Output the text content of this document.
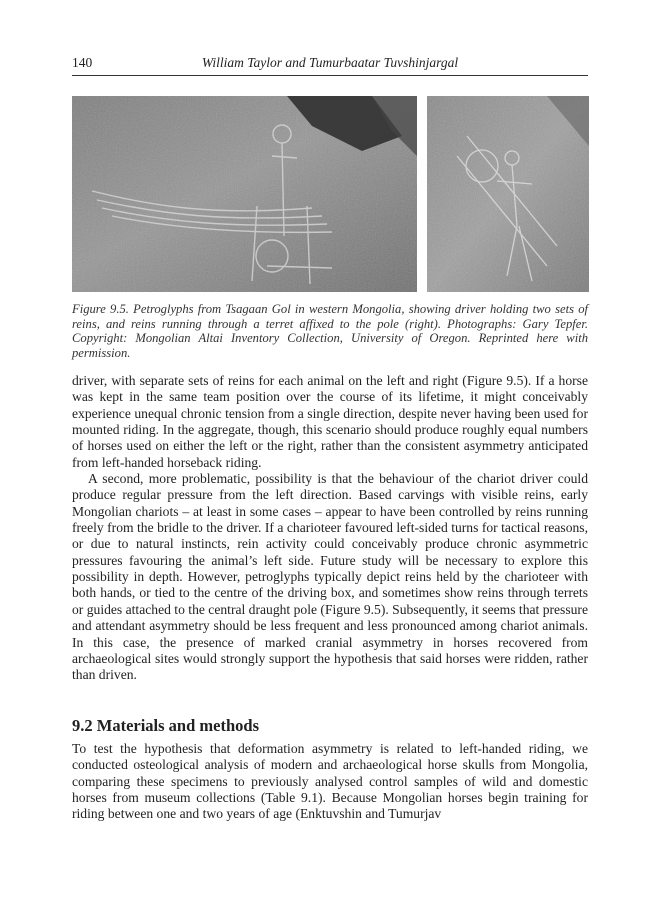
140	William Taylor and Tumurbaatar Tuvshinjargal
Figure 9.5. Petroglyphs from Tsagaan Gol in western Mongolia, showing driver holding two sets of reins, and reins running through a terret affixed to the pole (right). Photographs: Gary Tepfer. Copyright: Mongolian Altai Inventory Collection, University of Oregon. Reprinted here with permission.

driver, with separate sets of reins for each animal on the left and right (Figure 9.5). If a horse was kept in the same team position over the course of its lifetime, it might conceivably experience unequal chronic tension from a single direction, despite never having been used for mounted riding. In the aggregate, though, this scenario should produce roughly equal numbers of horses used on either the left or the right, rather than the consistent asymmetry anticipated from left-handed horseback riding.

A second, more problematic, possibility is that the behaviour of the chariot driver could produce regular pressure from the left direction. Based carvings with visible reins, early Mongolian chariots – at least in some cases – appear to have been controlled by reins running freely from the bridle to the driver. If a charioteer favoured left-sided turns for tactical reasons, or due to natural instincts, rein activity could conceivably produce chronic asymmetric pressures favouring the animal’s left side. Future study will be necessary to explore this possibility in depth. However, petroglyphs typically depict reins held by the charioteer with both hands, or tied to the centre of the driving box, and sometimes show reins through terrets or guides attached to the central draught pole (Figure 9.5). Subsequently, it seems that pressure and attendant asymmetry should be less frequent and less pronounced among chariot animals. In this case, the presence of marked cranial asymmetry in horses recovered from archaeological sites would strongly support the hypothesis that said horses were ridden, rather than driven.

9.2 Materials and methods

To test the hypothesis that deformation asymmetry is related to left-handed riding, we conducted osteological analysis of modern and archaeological horse skulls from Mongolia, comparing these specimens to previously analysed control samples of wild and domestic horses from museum collections (Table 9.1). Because Mongolian horses begin training for riding between one and two years of age (Enktuvshin and Tumurjav
